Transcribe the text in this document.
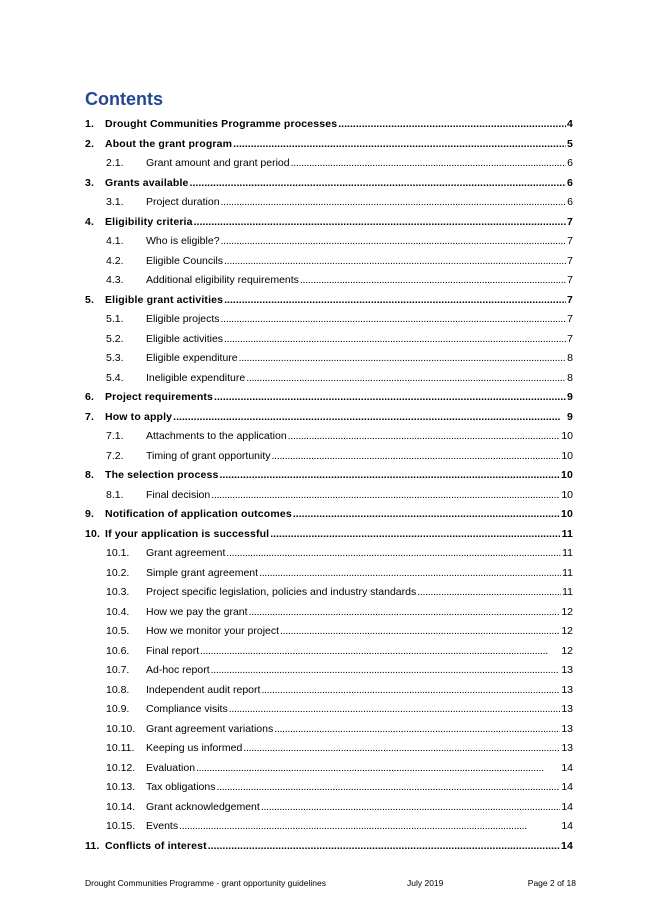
Contents
1.	Drought Communities Programme processes . . .	4
2.	About the grant program . . .	5
2.1.	Grant amount and grant period . . .	6
3.	Grants available . . .	6
3.1.	Project duration . . .	6
4.	Eligibility criteria . . .	7
4.1.	Who is eligible? . . .	7
4.2.	Eligible Councils . . .	7
4.3.	Additional eligibility requirements . . .	7
5.	Eligible grant activities . . .	7
5.1.	Eligible projects . . .	7
5.2.	Eligible activities . . .	7
5.3.	Eligible expenditure . . .	8
5.4.	Ineligible expenditure . . .	8
6.	Project requirements . . .	9
7.	How to apply . . .	9
7.1.	Attachments to the application . . .	10
7.2.	Timing of grant opportunity . . .	10
8.	The selection process . . .	10
8.1.	Final decision . . .	10
9.	Notification of application outcomes . . .	10
10. If your application is successful . . .	11
10.1.	Grant agreement . . .	11
10.2.	Simple grant agreement . . .	11
10.3.	Project specific legislation, policies and industry standards . . .	11
10.4.	How we pay the grant . . .	12
10.5.	How we monitor your project . . .	12
10.6.	Final report . . .	12
10.7.	Ad-hoc report . . .	13
10.8.	Independent audit report . . .	13
10.9.	Compliance visits . . .	13
10.10.	Grant agreement variations . . .	13
10.11.	Keeping us informed . . .	13
10.12.	Evaluation . . .	14
10.13.	Tax obligations . . .	14
10.14.	Grant acknowledgement . . .	14
10.15.	Events . . .	14
11. Conflicts of interest . . .	14
Drought Communities Programme - grant opportunity guidelines	July 2019	Page 2 of 18
